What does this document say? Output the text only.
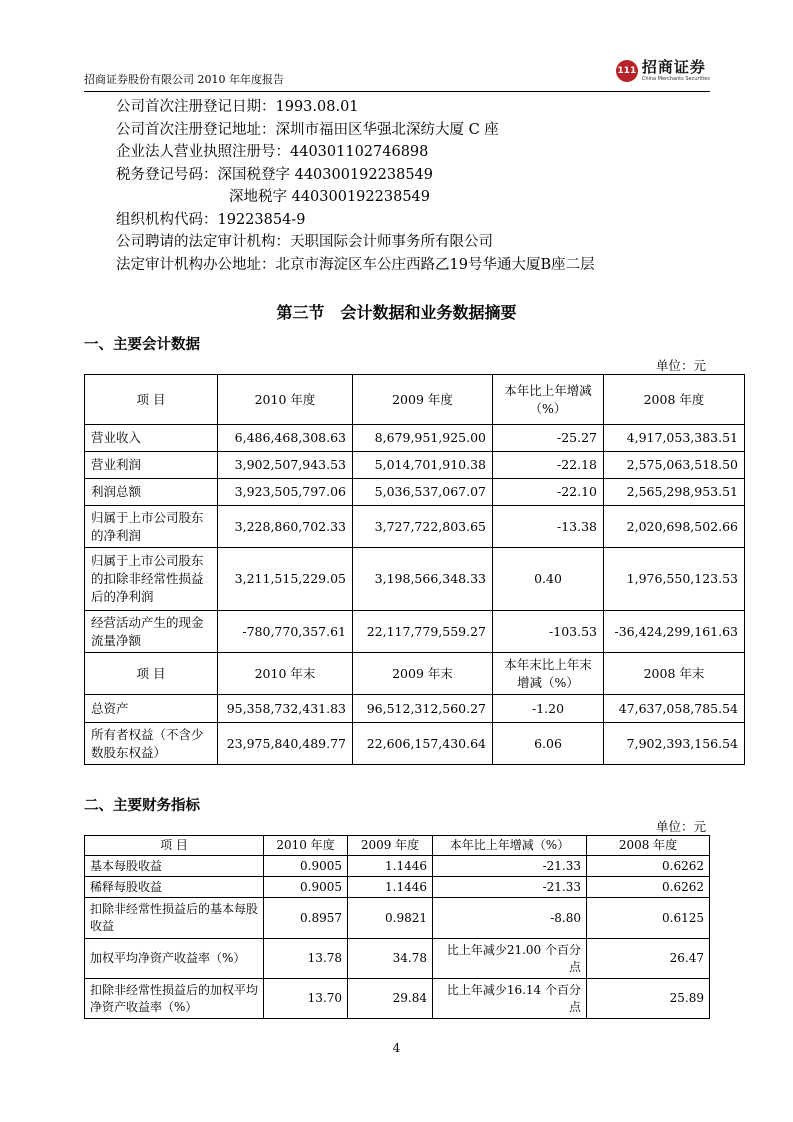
招商证券股份有限公司 2010 年年度报告
111 招商证券
China Merchants Securities
公司首次注册登记日期：1993.08.01
公司首次注册登记地址：深圳市福田区华强北深纺大厦 C 座
企业法人营业执照注册号：440301102746898
税务登记号码：深国税登字 440300192238549
深地税字 440300192238549
组织机构代码：19223854-9
公司聘请的法定审计机构：天职国际会计师事务所有限公司
法定审计机构办公地址：北京市海淀区车公庄西路乙19号华通大厦B座二层
第三节　会计数据和业务数据摘要
一、主要会计数据
单位：元
项 目	2010 年度	2009 年度	本年比上年增减（%）	2008 年度
营业收入	6,486,468,308.63	8,679,951,925.00	-25.27	4,917,053,383.51
营业利润	3,902,507,943.53	5,014,701,910.38	-22.18	2,575,063,518.50
利润总额	3,923,505,797.06	5,036,537,067.07	-22.10	2,565,298,953.51
归属于上市公司股东的净利润	3,228,860,702.33	3,727,722,803.65	-13.38	2,020,698,502.66
归属于上市公司股东的扣除非经常性损益后的净利润	3,211,515,229.05	3,198,566,348.33	0.40	1,976,550,123.53
经营活动产生的现金流量净额	-780,770,357.61	22,117,779,559.27	-103.53	-36,424,299,161.63
项 目	2010 年末	2009 年末	本年末比上年末增减（%）	2008 年末
总资产	95,358,732,431.83	96,512,312,560.27	-1.20	47,637,058,785.54
所有者权益（不含少数股东权益）	23,975,840,489.77	22,606,157,430.64	6.06	7,902,393,156.54
二、主要财务指标
单位：元
项 目	2010 年度	2009 年度	本年比上年增减（%）	2008 年度
基本每股收益	0.9005	1.1446	-21.33	0.6262
稀释每股收益	0.9005	1.1446	-21.33	0.6262
扣除非经常性损益后的基本每股收益	0.8957	0.9821	-8.80	0.6125
加权平均净资产收益率（%）	13.78	34.78	比上年减少21.00 个百分点	26.47
扣除非经常性损益后的加权平均净资产收益率（%）	13.70	29.84	比上年减少16.14 个百分点	25.89
4
